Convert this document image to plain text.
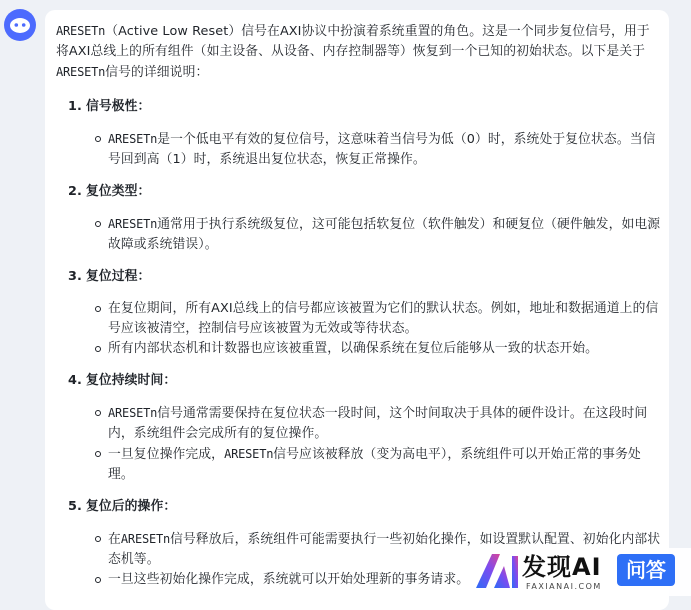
ARESETn（Active Low Reset）信号在AXI协议中扮演着系统重置的角色。这是一个同步复位信号，用于将AXI总线上的所有组件（如主设备、从设备、内存控制器等）恢复到一个已知的初始状态。以下是关于ARESETn信号的详细说明：

1. 信号极性：
ARESETn是一个低电平有效的复位信号，这意味着当信号为低（0）时，系统处于复位状态。当信号回到高（1）时，系统退出复位状态，恢复正常操作。
2. 复位类型：
ARESETn通常用于执行系统级复位，这可能包括软复位（软件触发）和硬复位（硬件触发，如电源故障或系统错误）。
3. 复位过程：
在复位期间，所有AXI总线上的信号都应该被置为它们的默认状态。例如，地址和数据通道上的信号应该被清空，控制信号应该被置为无效或等待状态。
所有内部状态机和计数器也应该被重置，以确保系统在复位后能够从一致的状态开始。
4. 复位持续时间：
ARESETn信号通常需要保持在复位状态一段时间，这个时间取决于具体的硬件设计。在这段时间内，系统组件会完成所有的复位操作。
一旦复位操作完成，ARESETn信号应该被释放（变为高电平），系统组件可以开始正常的事务处理。
5. 复位后的操作：
在ARESETn信号释放后，系统组件可能需要执行一些初始化操作，如设置默认配置、初始化内部状态机等。
一旦这些初始化操作完成，系统就可以开始处理新的事务请求。	发现AI
FAXIANAI.COM
问答
